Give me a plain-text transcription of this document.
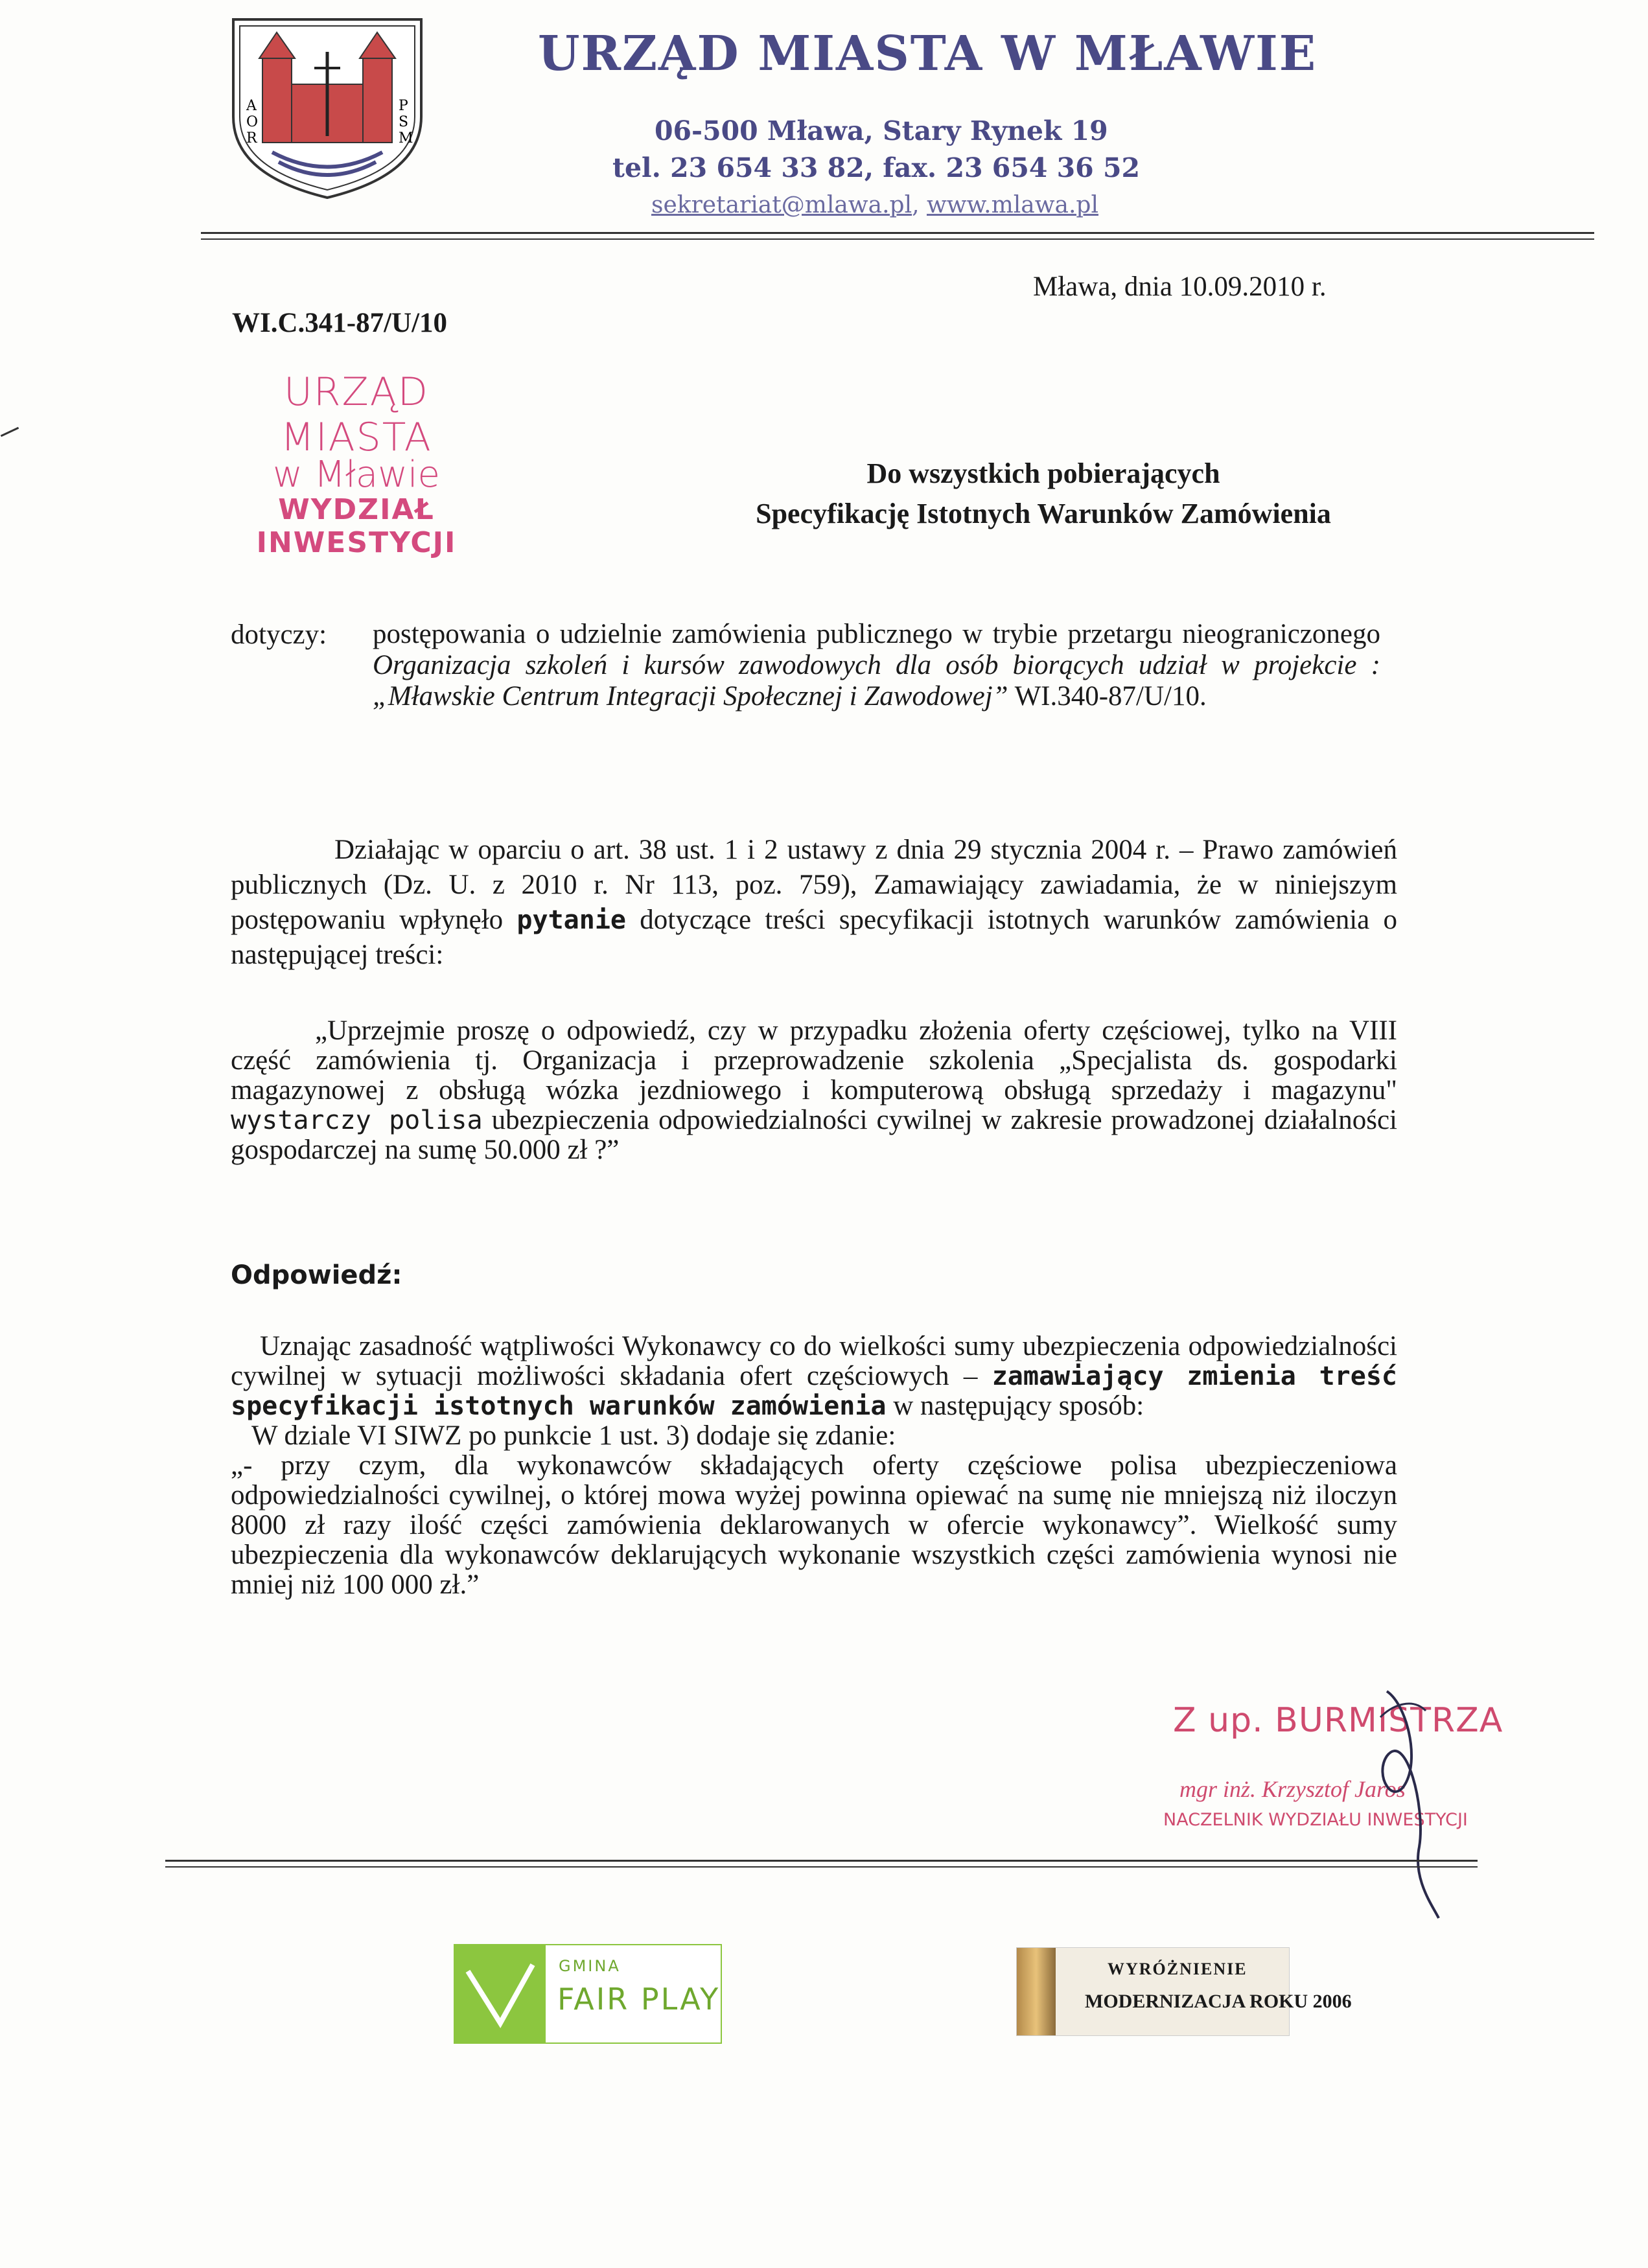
A
O
R
P
S
M
URZĄD MIASTA W MŁAWIE
06-500 Mława, Stary Rynek 19
tel. 23 654 33 82, fax. 23 654 36 52
sekretariat@mlawa.pl, www.mlawa.pl
WI.C.341-87/U/10
Mława, dnia 10.09.2010 r.
URZĄD MIASTA
w Mławie
WYDZIAŁ INWESTYCJI
Do wszystkich pobierających
Specyfikację Istotnych Warunków Zamówienia
dotyczy: postępowania o udzielnie zamówienia publicznego w trybie przetargu nieograniczonego Organizacja szkoleń i kursów zawodowych dla osób biorących udział w projekcie : „Mławskie Centrum Integracji Społecznej i Zawodowej” WI.340-87/U/10.
Działając w oparciu o art. 38 ust. 1 i 2 ustawy z dnia 29 stycznia 2004 r. – Prawo zamówień publicznych (Dz. U. z 2010 r. Nr 113, poz. 759), Zamawiający zawiadamia, że w niniejszym postępowaniu wpłynęło pytanie dotyczące treści specyfikacji istotnych warunków zamówienia o następującej treści:
„Uprzejmie proszę o odpowiedź, czy w przypadku złożenia oferty częściowej, tylko na VIII część zamówienia tj. Organizacja i przeprowadzenie szkolenia „Specjalista ds. gospodarki magazynowej z obsługą wózka jezdniowego i komputerową obsługą sprzedaży i magazynu" wystarczy polisa ubezpieczenia odpowiedzialności cywilnej w zakresie prowadzonej działalności gospodarczej na sumę 50.000 zł ?”
Odpowiedź:
Uznając zasadność wątpliwości Wykonawcy co do wielkości sumy ubezpieczenia odpowiedzialności cywilnej w sytuacji możliwości składania ofert częściowych – zamawiający zmienia treść specyfikacji istotnych warunków zamówienia w następujący sposób:
W dziale VI SIWZ po punkcie 1 ust. 3) dodaje się zdanie:
„- przy czym, dla wykonawców składających oferty częściowe polisa ubezpieczeniowa odpowiedzialności cywilnej, o której mowa wyżej powinna opiewać na sumę nie mniejszą niż iloczyn 8000 zł razy ilość części zamówienia deklarowanych w ofercie wykonawcy”. Wielkość sumy ubezpieczenia dla wykonawców deklarujących wykonanie wszystkich części zamówienia wynosi nie mniej niż 100 000 zł.”
Z up. BURMISTRZA
mgr inż. Krzysztof Jaros
NACZELNIK WYDZIAŁU INWESTYCJI
GMINA
FAIR PLAY
WYRÓŻNIENIE
MODERNIZACJA ROKU 2006
